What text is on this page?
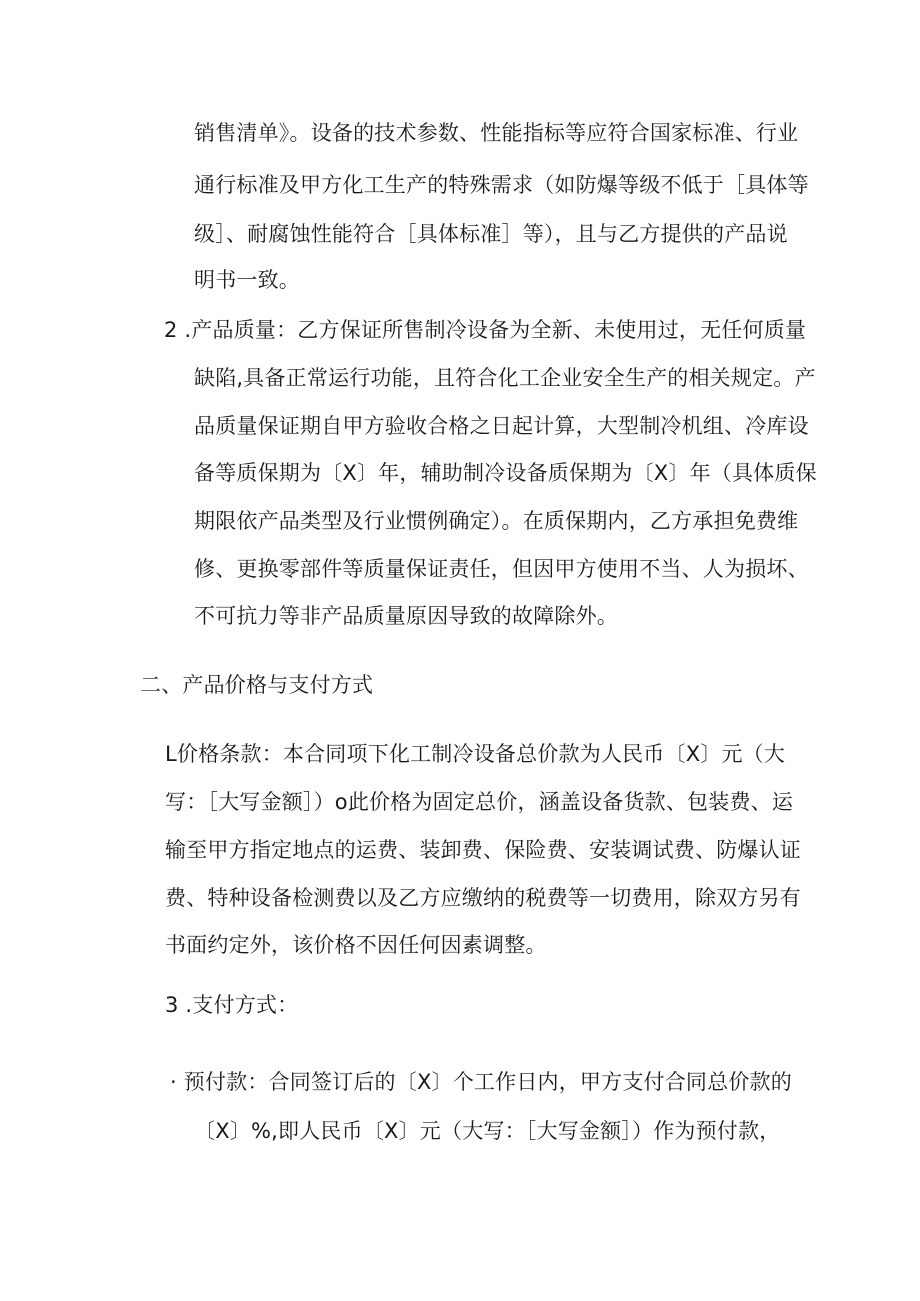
销售清单》。设备的技术参数、性能指标等应符合国家标准、行业
通行标准及甲方化工生产的特殊需求（如防爆等级不低于［具体等
级］、耐腐蚀性能符合［具体标准］等），且与乙方提供的产品说
明书一致。
2 .产品质量：乙方保证所售制冷设备为全新、未使用过，无任何质量
缺陷,具备正常运行功能，且符合化工企业安全生产的相关规定。产
品质量保证期自甲方验收合格之日起计算，大型制冷机组、冷库设
备等质保期为〔X〕年，辅助制冷设备质保期为〔X〕年（具体质保
期限依产品类型及行业惯例确定）。在质保期内，乙方承担免费维
修、更换零部件等质量保证责任，但因甲方使用不当、人为损坏、
不可抗力等非产品质量原因导致的故障除外。
二、产品价格与支付方式
L价格条款：本合同项下化工制冷设备总价款为人民币〔X〕元（大
写：［大写金额］）o此价格为固定总价，涵盖设备货款、包装费、运
输至甲方指定地点的运费、装卸费、保险费、安装调试费、防爆认证
费、特种设备检测费以及乙方应缴纳的税费等一切费用，除双方另有
书面约定外，该价格不因任何因素调整。
3 .支付方式：
· 预付款：合同签订后的〔X〕个工作日内，甲方支付合同总价款的
〔X〕%,即人民币〔X〕元（大写：［大写金额］）作为预付款，
